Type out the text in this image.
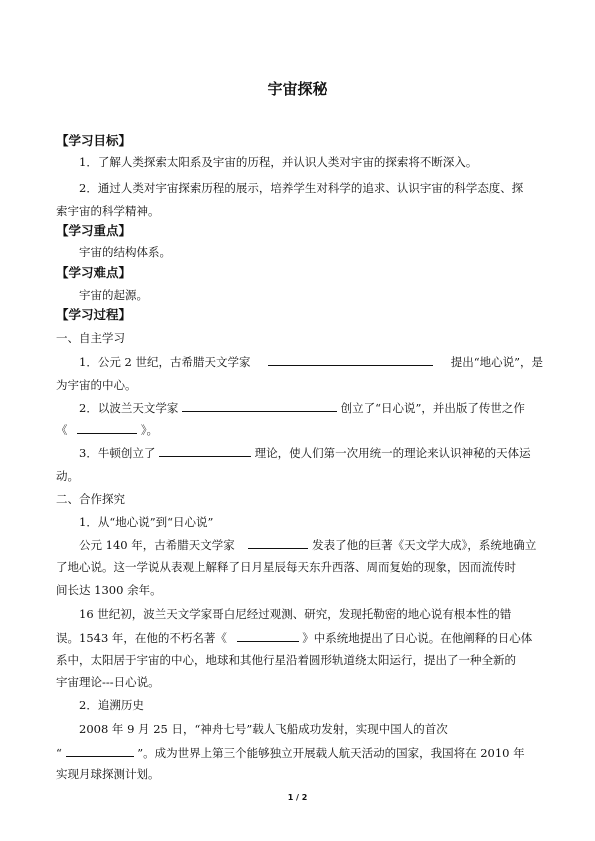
宇宙探秘
【学习目标】
1．了解人类探索太阳系及宇宙的历程，并认识人类对宇宙的探索将不断深入。
2．通过人类对宇宙探索历程的展示，培养学生对科学的追求、认识宇宙的科学态度、探
索宇宙的科学精神。
【学习重点】
宇宙的结构体系。
【学习难点】
宇宙的起源。
【学习过程】
一、自主学习
1．公元 2 世纪，古希腊天文学家	提出“地心说”，是
为宇宙的中心。
2．以波兰天文学家	创立了“日心说”，并出版了传世之作
《	》。
3．牛顿创立了	理论，使人们第一次用统一的理论来认识神秘的天体运
动。
二、合作探究
1．从“地心说”到“日心说”
公元 140 年，古希腊天文学家	发表了他的巨著《天文学大成》，系统地确立
了地心说。这一学说从表观上解释了日月星辰每天东升西落、周而复始的现象，因而流传时
间长达 1300 余年。
16 世纪初，波兰天文学家哥白尼经过观测、研究，发现托勒密的地心说有根本性的错
误。1543 年，在他的不朽名著《	》中系统地提出了日心说。在他阐释的日心体
系中，太阳居于宇宙的中心，地球和其他行星沿着圆形轨道绕太阳运行，提出了一种全新的
宇宙理论---日心说。
2．追溯历史
2008 年 9 月 25 日，“神舟七号”载人飞船成功发射，实现中国人的首次
“	”。成为世界上第三个能够独立开展载人航天活动的国家，我国将在 2010 年
实现月球探测计划。
1 / 2
